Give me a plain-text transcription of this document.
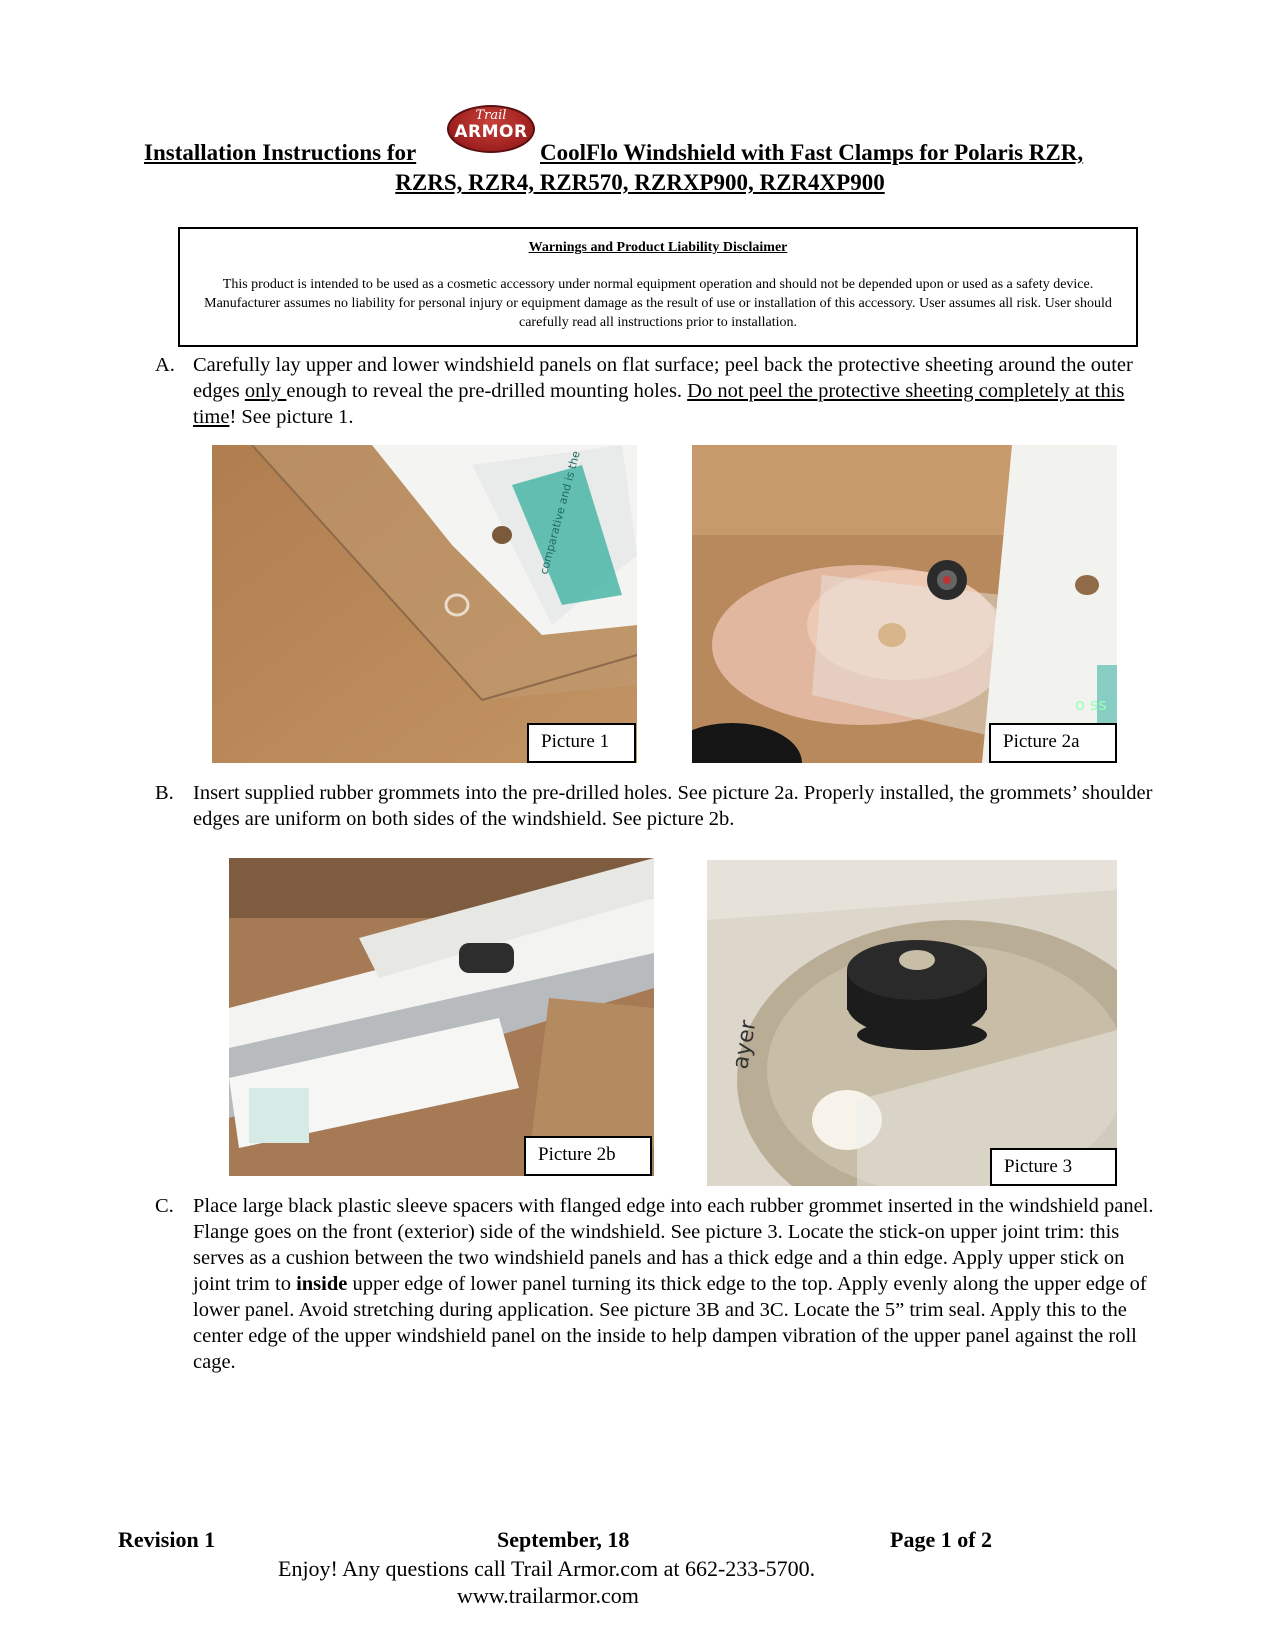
Installation Instructions for	CoolFlo Windshield with Fast Clamps for Polaris RZR,
RZRS, RZR4, RZR570, RZRXP900, RZR4XP900
Trail
ARMOR
Warnings and Product Liability Disclaimer
This product is intended to be used as a cosmetic accessory under normal equipment operation and should not be depended upon or used as a safety device. Manufacturer assumes no liability for personal injury or equipment damage as the result of use or installation of this accessory. User assumes all risk. User should carefully read all instructions prior to installation.
A. Carefully lay upper and lower windshield panels on flat surface; peel back the protective sheeting around the outer edges only enough to reveal the pre-drilled mounting holes. Do not peel the protective sheeting completely at this time! See picture 1.
comparative and is the
Picture 1
o ss
Picture 2a
B. Insert supplied rubber grommets into the pre-drilled holes. See picture 2a. Properly installed, the grommets’ shoulder edges are uniform on both sides of the windshield. See picture 2b.
Picture 2b
ayer
Picture 3
C. Place large black plastic sleeve spacers with flanged edge into each rubber grommet inserted in the windshield panel. Flange goes on the front (exterior) side of the windshield. See picture 3. Locate the stick-on upper joint trim: this serves as a cushion between the two windshield panels and has a thick edge and a thin edge. Apply upper stick on joint trim to inside upper edge of lower panel turning its thick edge to the top. Apply evenly along the upper edge of lower panel. Avoid stretching during application. See picture 3B and 3C. Locate the 5” trim seal. Apply this to the center edge of the upper windshield panel on the inside to help dampen vibration of the upper panel against the roll cage.
Revision 1	September, 18	Page 1 of 2
Enjoy! Any questions call Trail Armor.com at 662-233-5700.
www.trailarmor.com
